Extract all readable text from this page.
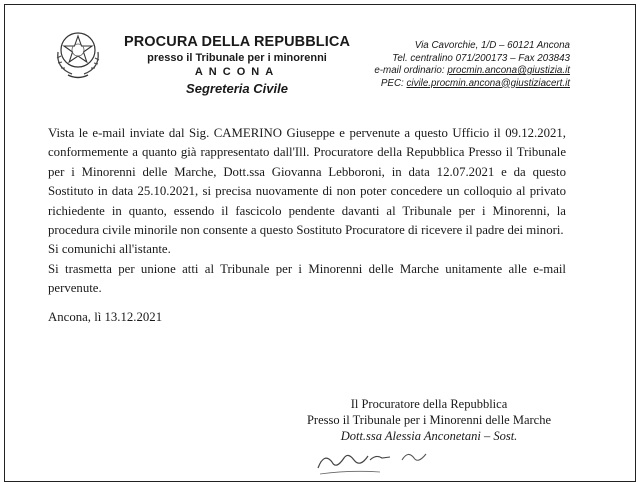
PROCURA DELLA REPUBBLICA
presso il Tribunale per i minorenni
ANCONA
Segreteria Civile
Via Cavorchie, 1/D – 60121 Ancona
Tel. centralino 071/200173 – Fax 203843
e-mail ordinario: procmin.ancona@giustizia.it
PEC: civile.procmin.ancona@giustiziacert.it
Vista le e-mail inviate dal Sig. CAMERINO Giuseppe e pervenute a questo Ufficio il 09.12.2021, conformemente a quanto già rappresentato dall'Ill. Procuratore della Repubblica Presso il Tribunale per i Minorenni delle Marche, Dott.ssa Giovanna Lebboroni, in data 12.07.2021 e da questo Sostituto in data 25.10.2021, si precisa nuovamente di non poter concedere un colloquio al privato richiedente in quanto, essendo il fascicolo pendente davanti al Tribunale per i Minorenni, la procedura civile minorile non consente a questo Sostituto Procuratore di ricevere il padre dei minori.
Si comunichi all'istante.
Si trasmetta per unione atti al Tribunale per i Minorenni delle Marche unitamente alle e-mail pervenute.
Ancona, lì 13.12.2021
Il Procuratore della Repubblica
Presso il Tribunale per i Minorenni delle Marche
Dott.ssa Alessia Anconetani – Sost.
